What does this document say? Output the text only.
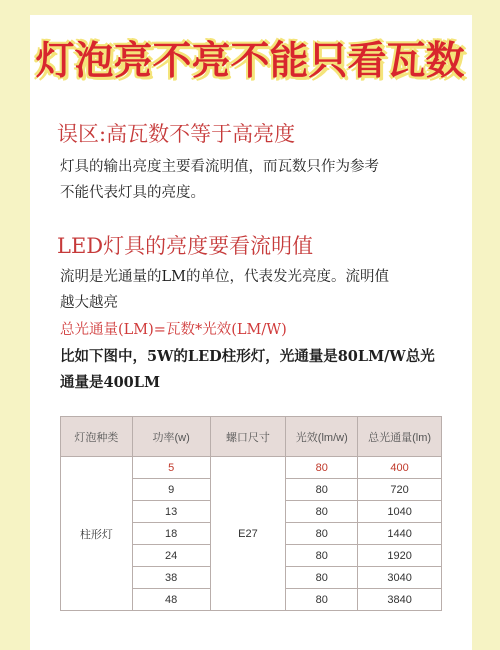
灯泡亮不亮不能只看瓦数
误区:高瓦数不等于高亮度
灯具的输出亮度主要看流明值，而瓦数只作为参考
不能代表灯具的亮度。
LED灯具的亮度要看流明值
流明是光通量的LM的单位，代表发光亮度。流明值
越大越亮
总光通量(LM)=瓦数*光效(LM/W)
比如下图中，5W的LED柱形灯，光通量是80LM/W总光
通量是400LM
灯泡种类	功率(w)	螺口尺寸	光效(lm/w)	总光通量(lm)
柱形灯	5	E27	80	400
	9		80	720
	13		80	1040
	18		80	1440
	24		80	1920
	38		80	3040
	48		80	3840
